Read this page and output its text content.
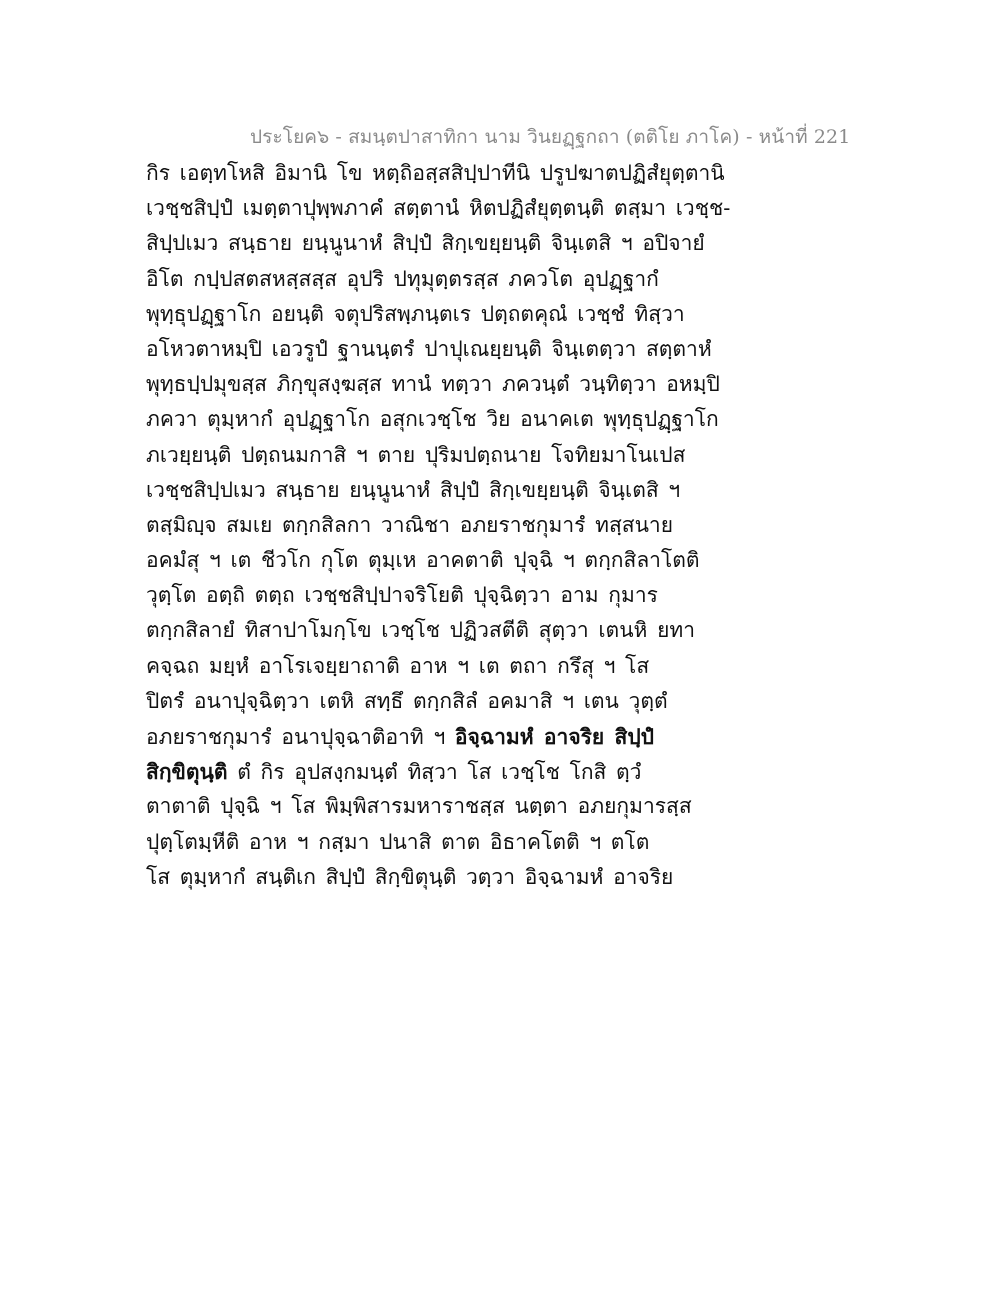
ประโยค๖ - สมนฺตปาสาทิกา นาม วินยฏฺฐกถา (ตติโย ภาโค) - หน้าที่ 221
กิร เอตฺทโหสิ อิมานิ โข หตฺถิอสฺสสิปฺปาทีนิ ปรูปฆาตปฏิสํยุตฺตานิ
เวชฺชสิปฺปํ เมตฺตาปุพฺพภาคํ สตฺตานํ หิตปฏิสํยุตฺตนฺติ ตสฺมา เวชฺช-
สิปฺปเมว สนฺธาย ยนฺนูนาหํ สิปฺปํ สิกฺเขยฺยนฺติ จินฺเตสิ ฯ อปิจายํ
อิโต กปฺปสตสหสฺสสฺส อุปริ ปทุมุตฺตรสฺส ภควโต อุปฏฺฐากํ
พุทฺธุปฏฺฐาโก อยนฺติ จตุปริสพฺภนฺตเร ปตฺถตคุณํ เวชฺชํ ทิสฺวา
อโหวตาหมฺปิ เอวรูปํ ฐานนฺตรํ ปาปุเณยฺยนฺติ จินฺเตตฺวา สตฺตาหํ
พุทฺธปฺปมุขสฺส ภิกฺขุสงฺฆสฺส ทานํ ทตฺวา ภควนฺตํ วนฺทิตฺวา อหมฺปิ
ภควา ตุมฺหากํ อุปฏฺฐาโก อสุกเวชฺโช วิย อนาคเต พุทฺธุปฏฺฐาโก
ภเวยฺยนฺติ ปตฺถนมกาสิ ฯ ตาย ปุริมปตฺถนาย โจทิยมาโนเปส
เวชฺชสิปฺปเมว สนฺธาย ยนฺนูนาหํ สิปฺปํ สิกฺเขยฺยนฺติ จินฺเตสิ ฯ
ตสฺมิญฺจ สมเย ตกฺกสิลกา วาณิชา อภยราชกุมารํ ทสฺสนาย
อคมํสุ ฯ เต ชีวโก กุโต ตุมฺเห อาคตาติ ปุจฺฉิ ฯ ตกฺกสิลาโตติ
วุตฺโต อตฺถิ ตตฺถ เวชฺชสิปฺปาจริโยติ ปุจฺฉิตฺวา อาม กุมาร
ตกฺกสิลายํ ทิสาปาโมกฺโข เวชฺโช ปฏิวสตีติ สุตฺวา เตนหิ ยทา
คจฺฉถ มยฺหํ อาโรเจยฺยาถาติ อาห ฯ เต ตถา กรึสุ ฯ โส
ปิตรํ อนาปุจฺฉิตฺวา เตหิ สทฺธึ ตกฺกสิลํ อคมาสิ ฯ เตน วุตฺตํ
อภยราชกุมารํ อนาปุจฺฉาติอาทิ ฯ อิจฺฉามหํ อาจริย สิปฺปํ
สิกฺขิตุนฺติ ตํ กิร อุปสงฺกมนฺตํ ทิสฺวา โส เวชฺโช โกสิ ตฺวํ
ตาตาติ ปุจฺฉิ ฯ โส พิมฺพิสารมหาราชสฺส นตฺตา อภยกุมารสฺส
ปุตฺโตมฺหีติ อาห ฯ กสฺมา ปนาสิ ตาต อิธาคโตติ ฯ ตโต
โส ตุมฺหากํ สนฺติเก สิปฺปํ สิกฺขิตุนฺติ วตฺวา อิจฺฉามหํ อาจริย
